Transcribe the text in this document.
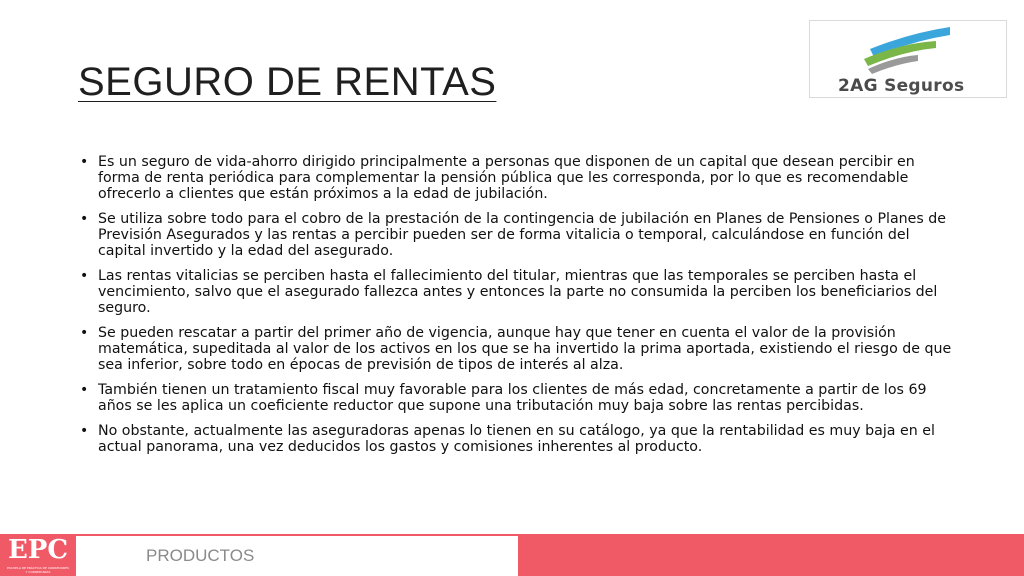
SEGURO DE RENTAS	2AG Seguros
• Es un seguro de vida-ahorro dirigido principalmente a personas que disponen de un capital que desean percibir en forma de renta periódica para complementar la pensión pública que les corresponda, por lo que es recomendable ofrecerlo a clientes que están próximos a la edad de jubilación.
• Se utiliza sobre todo para el cobro de la prestación de la contingencia de jubilación en Planes de Pensiones o Planes de Previsión Asegurados y las rentas a percibir pueden ser de forma vitalicia o temporal, calculándose en función del capital invertido y la edad del asegurado.
• Las rentas vitalicias se perciben hasta el fallecimiento del titular, mientras que las temporales se perciben hasta el vencimiento, salvo que el asegurado fallezca antes y entonces la parte no consumida la perciben los beneficiarios del seguro.
• Se pueden rescatar a partir del primer año de vigencia, aunque hay que tener en cuenta el valor de la provisión matemática, supeditada al valor de los activos en los que se ha invertido la prima aportada, existiendo el riesgo de que sea inferior, sobre todo en épocas de previsión de tipos de interés al alza.
• También tienen un tratamiento fiscal muy favorable para los clientes de más edad, concretamente a partir de los 69 años se les aplica un coeficiente reductor que supone una tributación muy baja sobre las rentas percibidas.
• No obstante, actualmente las aseguradoras apenas lo tienen en su catálogo, ya que la rentabilidad es muy baja en el actual panorama, una vez deducidos los gastos y comisiones inherentes al producto.
EPC
ESCUELA DE PRÁCTICA DE CORREDORES Y CORREDURÍAS
PRODUCTOS
